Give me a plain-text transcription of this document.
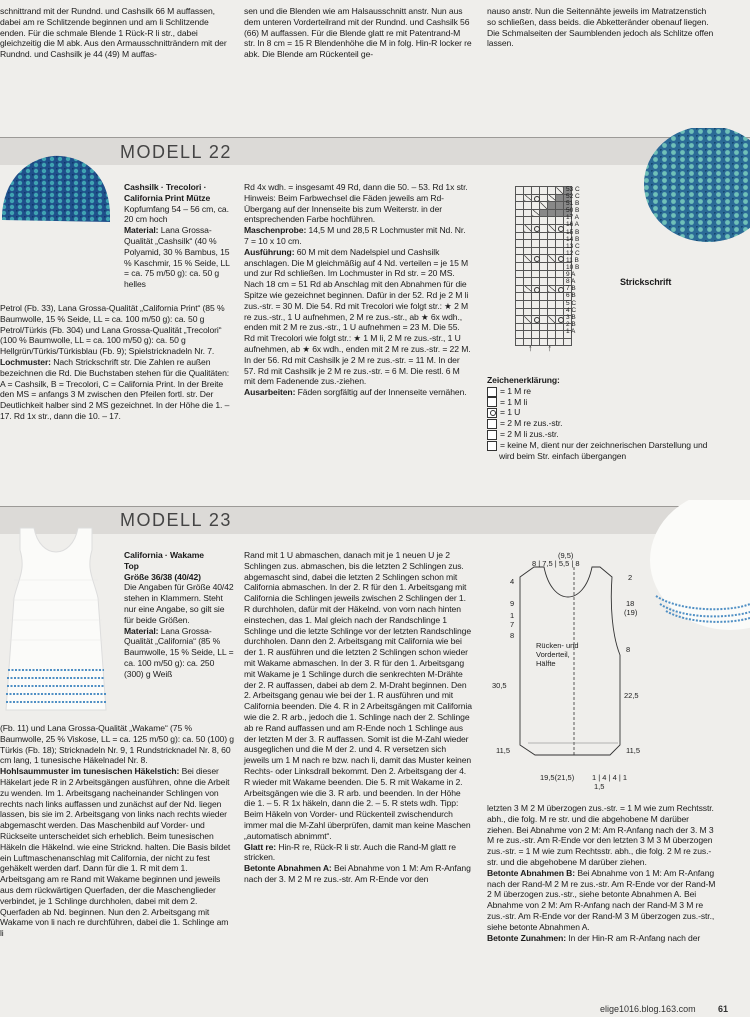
schnittrand mit der Rundnd. und Cashsilk 66 M auffassen, dabei am re Schlitzende beginnen und am li Schlitzende enden. Für die schmale Blende 1 Rück-R li str., dabei gleichzeitig die M abk. Aus den Armausschnitträndern mit der Rundnd. und Cashsilk je 44 (49) M auffas-
sen und die Blenden wie am Halsausschnitt anstr. Nun aus dem unteren Vorderteilrand mit der Rundnd. und Cashsilk 56 (66) M auffassen. Für die Blende glatt re mit Patentrand-M str. In 8 cm = 15 R Blendenhöhe die M in folg. Hin-R locker re abk. Die Blende am Rückenteil ge-
nauso anstr. Nun die Seitennähte jeweils im Matratzenstich so schließen, dass beids. die Abketteränder obenauf liegen. Die Schmalseiten der Saumblenden jedoch als Schlitze offen lassen.
MODELL 22

Cashsilk · Trecolori ·

California Print Mütze

Kopfumfang 54 – 56 cm, ca. 20 cm hoch

Material: Lana Grossa-Qualität „Cashsilk“ (40 % Polyamid, 30 % Bambus, 15 % Kaschmir, 15 % Seide, LL = ca. 75 m/50 g): ca. 50 g helles

Petrol (Fb. 33), Lana Grossa-Qualität „California Print“ (85 % Baumwolle, 15 % Seide, LL = ca. 100 m/50 g): ca. 50 g Petrol/Türkis (Fb. 304) und Lana Grossa-Qualität „Trecolori“ (100 % Baumwolle, LL = ca. 100 m/50 g): ca. 50 g Hellgrün/Türkis/Türkisblau (Fb. 9); Spielstricknadeln Nr. 7.

Lochmuster: Nach Strickschrift str. Die Zahlen re außen bezeichnen die Rd. Die Buchstaben stehen für die Qualitäten: A = Cashsilk, B = Trecolori, C = California Print. In der Breite den MS = anfangs 3 M zwischen den Pfeilen fortl. str. Der Deutlichkeit halber sind 2 MS gezeichnet. In der Höhe die 1. – 17. Rd 1x str., dann die 10. – 17.

Rd 4x wdh. = insgesamt 49 Rd, dann die 50. – 53. Rd 1x str. Hinweis: Beim Farbwechsel die Fäden jeweils am Rd-Übergang auf der Innenseite bis zum Weiterstr. in der entsprechenden Farbe hochführen.

Maschenprobe: 14,5 M und 28,5 R Lochmuster mit Nd. Nr. 7 = 10 x 10 cm.

Ausführung: 60 M mit dem Nadelspiel und Cashsilk anschlagen. Die M gleichmäßig auf 4 Nd. verteilen = je 15 M und zur Rd schließen. Im Lochmuster in Rd str. = 20 MS. Nach 18 cm = 51 Rd ab Anschlag mit den Abnahmen für die Spitze wie gezeichnet beginnen. Dafür in der 52. Rd je 2 M li zus.-str. = 30 M. Die 54. Rd mit Trecolori wie folgt str.: ★ 2 M re zus.-str., 1 U aufnehmen, 2 M re zus.-str., ab ★ 6x wdh., enden mit 2 M re zus.-str., 1 U aufnehmen = 23 M. Die 55. Rd mit Trecolori wie folgt str.: ★ 1 M li, 2 M re zus.-str., 1 U aufnehmen, ab ★ 6x wdh., enden mit 2 M re zus.-str. = 22 M. In der 56. Rd mit Cashsilk je 2 M re zus.-str. = 11 M. In der 57. Rd mit Cashsilk je 2 M re zus.-str. = 6 M. Die restl. 6 M mit dem Fadenende zus.-ziehen.

Ausarbeiten: Fäden sorgfältig auf der Innenseite vernähen.

53 C
52 C
51 B
50 B
17 A
16 A
15 B
14 B
13 C
12 C
11 B
10 B
9 A
8 A
7 B
6 B
5 C
4 C
3 B
2 B
1 A
↑      ↑
Strickschrift

Zeichenerklärung:

= 1 M re

= 1 M li

= 1 U

= 2 M re zus.-str.

= 2 M li zus.-str.

= keine M, dient nur der zeichnerischen Darstellung und wird beim Str. einfach übergangen

MODELL 23

California · Wakame

Top

Größe 36/38 (40/42)

Die Angaben für Größe 40/42 stehen in Klammern. Steht nur eine Angabe, so gilt sie für beide Größen.

Material: Lana Grossa-Qualität „California“ (85 % Baumwolle, 15 % Seide, LL = ca. 100 m/50 g): ca. 250 (300) g Weiß

(Fb. 11) und Lana Grossa-Qualität „Wakame“ (75 % Baumwolle, 25 % Viskose, LL = ca. 125 m/50 g): ca. 50 (100) g Türkis (Fb. 18); Stricknadeln Nr. 9, 1 Rundstricknadel Nr. 8, 60 cm lang, 1 tunesische Häkelnadel Nr. 8.

Hohlsaummuster im tunesischen Häkelstich: Bei dieser Häkelart jede R in 2 Arbeitsgängen ausführen, ohne die Arbeit zu wenden. Im 1. Arbeitsgang nacheinander Schlingen von rechts nach links auffassen und zunächst auf der Nd. liegen lassen, bis sie im 2. Arbeitsgang von links nach rechts wieder abgemascht werden. Das Maschenbild auf Vorder- und Rückseite unterscheidet sich erheblich. Beim tunesischen Häkeln die Häkelnd. wie eine Stricknd. halten. Die Basis bildet ein Luftmaschenanschlag mit California, der nicht zu fest gehäkelt werden darf. Dann für die 1. R mit dem 1. Arbeitsgang am re Rand mit Wakame beginnen und jeweils aus dem rückwärtigen Querfaden, der die Maschenglieder verbindet, je 1 Schlinge durchholen, dabei mit dem 2. Querfaden ab Nd. beginnen. Nun den 2. Arbeitsgang mit Wakame von li nach re durchführen, dabei die 1. Schlinge am li

Rand mit 1 U abmaschen, danach mit je 1 neuen U je 2 Schlingen zus. abmaschen, bis die letzten 2 Schlingen zus. abgemascht sind, dabei die letzten 2 Schlingen schon mit California abmaschen. In der 2. R für den 1. Arbeitsgang mit California die Schlingen jeweils zwischen 2 Schlingen der 1. R durchholen, dafür mit der Häkelnd. von vorn nach hinten einstechen, das 1. Mal gleich nach der Randschlinge 1 Schlinge und die letzte Schlinge vor der letzten Randschlinge durchholen. Dann den 2. Arbeitsgang mit California wie bei der 1. R ausführen und die letzten 2 Schlingen schon wieder mit Wakame abmaschen. In der 3. R für den 1. Arbeitsgang mit Wakame je 1 Schlinge durch die senkrechten M-Drähte der 2. R auffassen, dabei ab dem 2. M-Draht beginnen. Den 2. Arbeitsgang genau wie bei der 1. R ausführen und mit California beenden. Die 4. R in 2 Arbeitsgängen mit California wie die 2. R arb., jedoch die 1. Schlinge nach der 2. Schlinge ab re Rand auffassen und am R-Ende noch 1 Schlinge aus der letzten M der 3. R auffassen. Somit ist die M-Zahl wieder ausgeglichen und die M der 2. und 4. R versetzen sich jeweils um 1 M nach re bzw. nach li, damit das Muster keinen Rechts- oder Linksdrall bekommt. Den 2. Arbeitsgang der 4. R wieder mit Wakame beenden. Die 5. R mit Wakame in 2. Arbeitsgängen wie die 3. R arb. und beenden. In der Höhe die 1. – 5. R 1x häkeln, dann die 2. – 5. R stets wdh. Tipp: Beim Häkeln von Vorder- und Rückenteil zwischendurch immer mal die M-Zahl überprüfen, damit man keine Maschen „automatisch abnimmt“.

Glatt re: Hin-R re, Rück-R li str. Auch die Rand-M glatt re stricken.

Betonte Abnahmen A: Bei Abnahme von 1 M: Am R-Anfang nach der 3. M 2 M re zus.-str. Am R-Ende vor den

(9,5)
8 | 7,5 | 5,5 | 8
4
9
1
7
8
30,5
11,5
2
18
(19)
8
22,5
11,5
19,5(21,5) 1 | 4 | 4 | 1
1,5
Rücken- und Vorderteil, Hälfte

letzten 3 M 2 M überzogen zus.-str. = 1 M wie zum Rechtsstr. abh., die folg. M re str. und die abgehobene M darüber ziehen. Bei Abnahme von 2 M: Am R-Anfang nach der 3. M 3 M re zus.-str. Am R-Ende vor den letzten 3 M 3 M überzogen zus.-str. = 1 M wie zum Rechtsstr. abh., die folg. 2 M re zus.-str. und die abgehobene M darüber ziehen.

Betonte Abnahmen B: Bei Abnahme von 1 M: Am R-Anfang nach der Rand-M 2 M re zus.-str. Am R-Ende vor der Rand-M 2 M überzogen zus.-str., siehe betonte Abnahmen A. Bei Abnahme von 2 M: Am R-Anfang nach der Rand-M 3 M re zus.-str. Am R-Ende vor der Rand-M 3 M überzogen zus.-str., siehe betonte Abnahmen A.

Betonte Zunahmen: In der Hin-R am R-Anfang nach der

elige1016.blog.163.com 61
